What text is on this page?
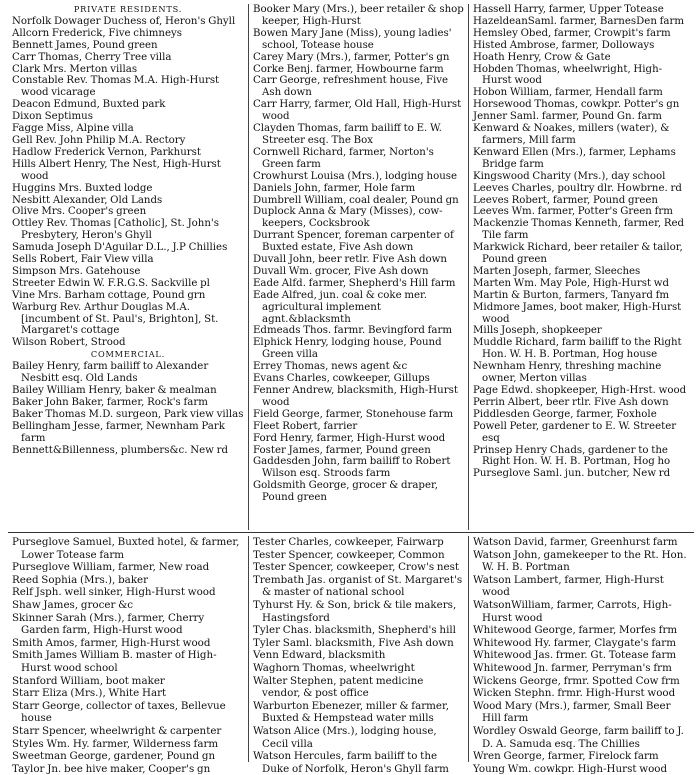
PRIVATE RESIDENTS.
Norfolk Dowager Duchess of, Heron's Ghyll
Allcorn Frederick, Five chimneys
Bennett James, Pound green
Carr Thomas, Cherry Tree villa
Clark Mrs. Merton villas
Constable Rev. Thomas M.A. High-Hurst wood vicarage
Deacon Edmund, Buxted park
Dixon Septimus
Fagge Miss, Alpine villa
Gell Rev. John Philip M.A. Rectory
Hadlow Frederick Vernon, Parkhurst
Hills Albert Henry, The Nest, High-Hurst wood
Huggins Mrs. Buxted lodge
Nesbitt Alexander, Old Lands
Olive Mrs. Cooper's green
Ottley Rev. Thomas [Catholic], St. John's Presbytery, Heron's Ghyll
Samuda Joseph D'Aguilar D.L., J.P Chillies
Sells Robert, Fair View villa
Simpson Mrs. Gatehouse
Streeter Edwin W. F.R.G.S. Sackville pl
Vine Mrs. Barham cottage, Pound grn
Warburg Rev. Arthur Douglas M.A. [incumbent of St. Paul's, Brighton], St. Margaret's cottage
Wilson Robert, Strood
COMMERCIAL.
Bailey Henry, farm bailiff to Alexander Nesbitt esq. Old Lands
Bailey William Henry, baker & mealman
Baker John Baker, farmer, Rock's farm
Baker Thomas M.D. surgeon, Park view villas
Bellingham Jesse, farmer, Newnham Park farm
Bennett&Billenness, plumbers&c. New rd
Booker Mary (Mrs.), beer retailer & shop keeper, High-Hurst
Bowen Mary Jane (Miss), young ladies' school, Totease house
Carey Mary (Mrs.), farmer, Potter's gn
Corke Benj. farmer, Howbourne farm
Carr George, refreshment house, Five Ash down
Carr Harry, farmer, Old Hall, High-Hurst wood
Clayden Thomas, farm bailiff to E. W. Streeter esq. The Box
Cornwell Richard, farmer, Norton's Green farm
Crowhurst Louisa (Mrs.), lodging house
Daniels John, farmer, Hole farm
Dumbrell William, coal dealer, Pound gn
Duplock Anna & Mary (Misses), cow-keepers, Cocksbrook
Durrant Spencer, foreman carpenter of Buxted estate, Five Ash down
Duvall John, beer retlr. Five Ash down
Duvall Wm. grocer, Five Ash down
Eade Alfd. farmer, Shepherd's Hill farm
Eade Alfred, jun. coal & coke mer. agricultural implement agnt.&blacksmth
Edmeads Thos. farmr. Bevingford farm
Elphick Henry, lodging house, Pound Green villa
Errey Thomas, news agent &c
Evans Charles, cowkeeper, Gillups
Fenner Andrew, blacksmith, High-Hurst wood
Field George, farmer, Stonehouse farm
Fleet Robert, farrier
Ford Henry, farmer, High-Hurst wood
Foster James, farmer, Pound green
Gaddesden John, farm bailiff to Robert Wilson esq. Stroods farm
Goldsmith George, grocer & draper, Pound green
Hassell Harry, farmer, Upper Totease
HazeldeanSaml. farmer, BarnesDen farm
Hemsley Obed, farmer, Crowpit's farm
Histed Ambrose, farmer, Dolloways
Hoath Henry, Crow & Gate
Hobden Thomas, wheelwright, High-Hurst wood
Hobon William, farmer, Hendall farm
Horsewood Thomas, cowkpr. Potter's gn
Jenner Saml. farmer, Pound Gn. farm
Kenward & Noakes, millers (water), & farmers, Mill farm
Kenward Ellen (Mrs.), farmer, Lephams Bridge farm
Kingswood Charity (Mrs.), day school
Leeves Charles, poultry dlr. Howbrne. rd
Leeves Robert, farmer, Pound green
Leeves Wm. farmer, Potter's Green frm
Mackenzie Thomas Kenneth, farmer, Red Tile farm
Markwick Richard, beer retailer & tailor, Pound green
Marten Joseph, farmer, Sleeches
Marten Wm. May Pole, High-Hurst wd
Martin & Burton, farmers, Tanyard fm
Midmore James, boot maker, High-Hurst wood
Mills Joseph, shopkeeper
Muddle Richard, farm bailiff to the Right Hon. W. H. B. Portman, Hog house
Newnham Henry, threshing machine owner, Merton villas
Page Edwd. shopkeeper, High-Hrst. wood
Perrin Albert, beer rtlr. Five Ash down
Piddlesden George, farmer, Foxhole
Powell Peter, gardener to E. W. Streeter esq
Prinsep Henry Chads, gardener to the Right Hon. W. H. B. Portman, Hog ho
Purseglove Saml. jun. butcher, New rd
Purseglove Samuel, Buxted hotel, & farmer, Lower Totease farm
Purseglove William, farmer, New road
Reed Sophia (Mrs.), baker
Relf Jsph. well sinker, High-Hurst wood
Shaw James, grocer &c
Skinner Sarah (Mrs.), farmer, Cherry Garden farm, High-Hurst wood
Smith Amos, farmer, High-Hurst wood
Smith James William B. master of High-Hurst wood school
Stanford William, boot maker
Starr Eliza (Mrs.), White Hart
Starr George, collector of taxes, Bellevue house
Starr Spencer, wheelwright & carpenter
Styles Wm. Hy. farmer, Wilderness farm
Sweetman George, gardener, Pound gn
Taylor Jn. bee hive maker, Cooper's gn
Tester Charles, cowkeeper, Fairwarp
Tester Spencer, cowkeeper, Common
Tester Spencer, cowkeeper, Crow's nest
Trembath Jas. organist of St. Margaret's & master of national school
Tyhurst Hy. & Son, brick & tile makers, Hastingsford
Tyler Chas. blacksmith, Shepherd's hill
Tyler Saml. blacksmith, Five Ash down
Venn Edward, blacksmith
Waghorn Thomas, wheelwright
Walter Stephen, patent medicine vendor, & post office
Warburton Ebenezer, miller & farmer, Buxted & Hempstead water mills
Watson Alice (Mrs.), lodging house, Cecil villa
Watson Hercules, farm bailiff to the Duke of Norfolk, Heron's Ghyll farm
Watson David, farmer, Greenhurst farm
Watson John, gamekeeper to the Rt. Hon. W. H. B. Portman
Watson Lambert, farmer, High-Hurst wood
WatsonWilliam, farmer, Carrots, High-Hurst wood
Whitewood George, farmer, Morfes frm
Whitewood Hy. farmer, Claygate's farm
Whitewood Jas. frmer. Gt. Totease farm
Whitewood Jn. farmer, Perryman's frm
Wickens George, frmr. Spotted Cow frm
Wicken Stephn. frmr. High-Hurst wood
Wood Mary (Mrs.), farmer, Small Beer Hill farm
Wordley Oswald George, farm bailiff to J. D. A. Samuda esq. The Chillies
Wren George, farmer, Firelock farm
Young Wm. cowkpr. High-Hurst wood
